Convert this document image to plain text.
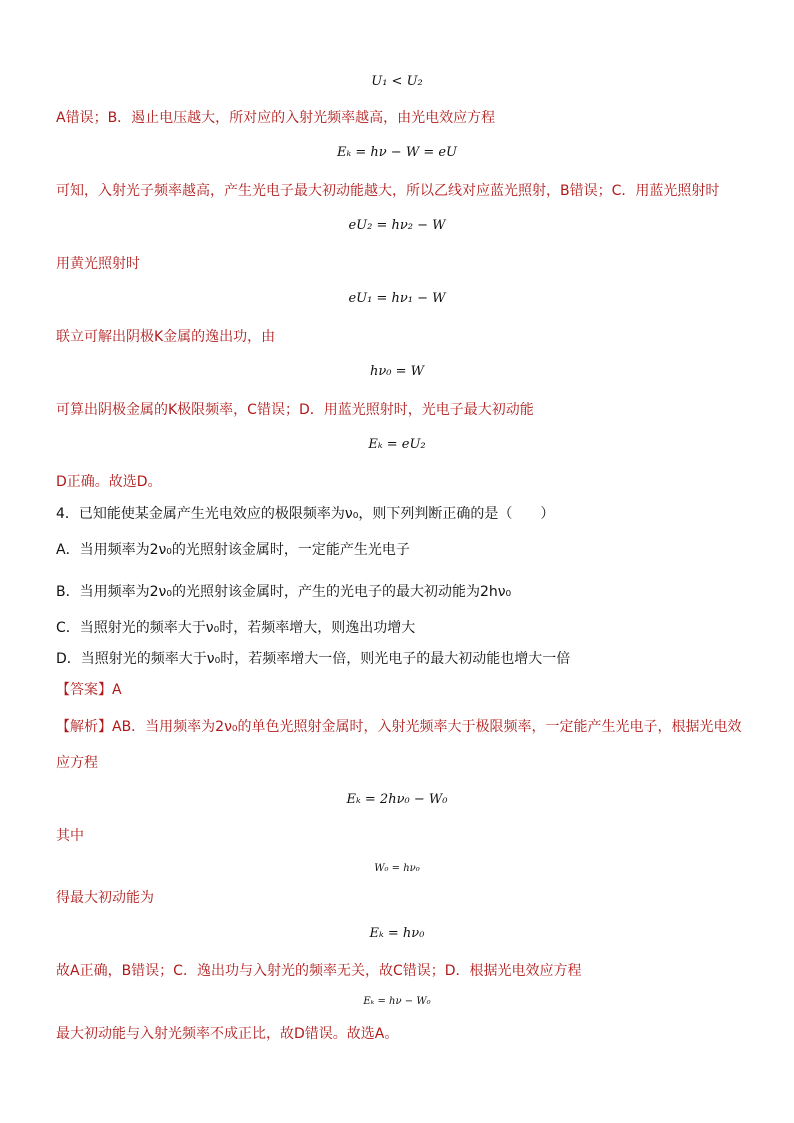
U₁ < U₂
A错误；B．遏止电压越大，所对应的入射光频率越高，由光电效应方程
Eₖ = hν − W = eU
可知，入射光子频率越高，产生光电子最大初动能越大，所以乙线对应蓝光照射，B错误；C．用蓝光照射时
eU₂ = hν₂ − W
用黄光照射时
eU₁ = hν₁ − W
联立可解出阴极K金属的逸出功，由
hν₀ = W
可算出阴极金属的K极限频率，C错误；D．用蓝光照射时，光电子最大初动能
Eₖ = eU₂
D正确。故选D。
4．已知能使某金属产生光电效应的极限频率为ν₀，则下列判断正确的是（　　）
A．当用频率为2ν₀的光照射该金属时，一定能产生光电子
B．当用频率为2ν₀的光照射该金属时，产生的光电子的最大初动能为2hν₀
C．当照射光的频率大于ν₀时，若频率增大，则逸出功增大
D．当照射光的频率大于ν₀时，若频率增大一倍，则光电子的最大初动能也增大一倍
【答案】A
【解析】AB．当用频率为2ν₀的单色光照射金属时，入射光频率大于极限频率，一定能产生光电子，根据光电效
应方程
Eₖ = 2hν₀ − W₀
其中
W₀ = hν₀
得最大初动能为
Eₖ = hν₀
故A正确，B错误；C．逸出功与入射光的频率无关，故C错误；D．根据光电效应方程
Eₖ = hν − W₀
最大初动能与入射光频率不成正比，故D错误。故选A。
